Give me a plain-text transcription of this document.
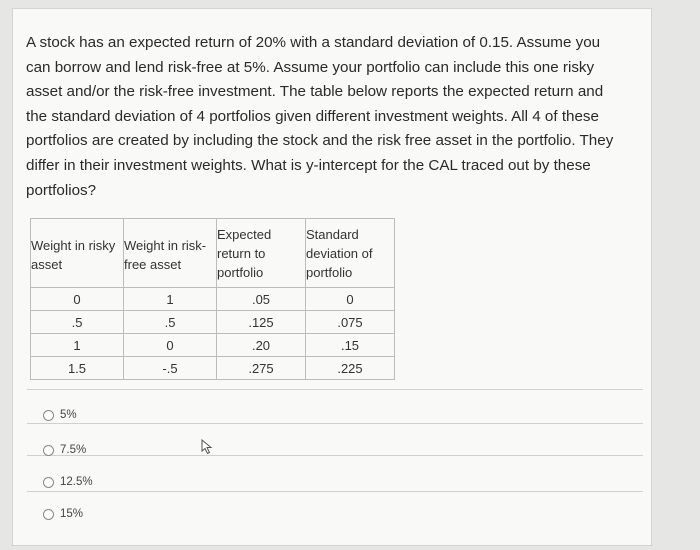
A stock has an expected return of 20% with a standard deviation of 0.15. Assume you can borrow and lend risk-free at 5%. Assume your portfolio can include this one risky asset and/or the risk-free investment. The table below reports the expected return and the standard deviation of 4 portfolios given different investment weights. All 4 of these portfolios are created by including the stock and the risk free asset in the portfolio. They differ in their investment weights. What is y-intercept for the CAL traced out by these portfolios?
Weight in risky asset	Weight in risk-free asset	Expected return to portfolio	Standard deviation of portfolio
0	1	.05	0
.5	.5	.125	.075
1	0	.20	.15
1.5	-.5	.275	.225
5%
7.5%
12.5%
15%
